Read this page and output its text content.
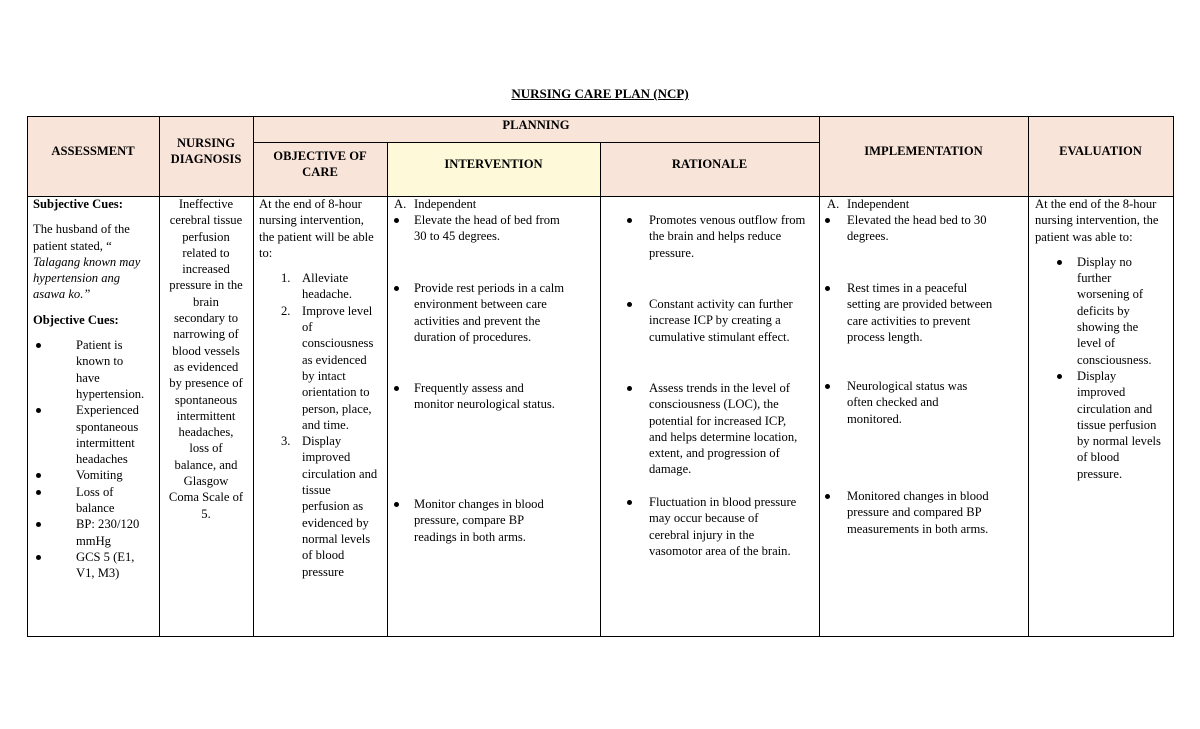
NURSING CARE PLAN (NCP)
ASSESSMENT
NURSING
DIAGNOSIS
PLANNING
OBJECTIVE OF
CARE
INTERVENTION	RATIONALE
IMPLEMENTATION	EVALUATION
Subjective Cues:
The husband of the
patient stated, “
Talagang known may
hypertension ang
asawa ko.”
Objective Cues:
Patient is
known to
have
hypertension.
Experienced
spontaneous
intermittent
headaches
Vomiting
Loss of
balance
BP: 230/120
mmHg
GCS 5 (E1,
V1, M3)
Ineffective
cerebral tissue
perfusion
related to
increased
pressure in the
brain
secondary to
narrowing of
blood vessels
as evidenced
by presence of
spontaneous
intermittent
headaches,
loss of
balance, and
Glasgow
Coma Scale of
5.
At the end of 8-hour
nursing intervention,
the patient will be able
to:
1. Alleviate
headache.
2. Improve level
of
consciousness
as evidenced
by intact
orientation to
person, place,
and time.
3. Display
improved
circulation and
tissue
perfusion as
evidenced by
normal levels
of blood
pressure
A. Independent
Elevate the head of bed from
30 to 45 degrees.
Provide rest periods in a calm
environment between care
activities and prevent the
duration of procedures.
Frequently assess and
monitor neurological status.
Monitor changes in blood
pressure, compare BP
readings in both arms.
Promotes venous outflow from
the brain and helps reduce
pressure.
Constant activity can further
increase ICP by creating a
cumulative stimulant effect.
Assess trends in the level of
consciousness (LOC), the
potential for increased ICP,
and helps determine location,
extent, and progression of
damage.
Fluctuation in blood pressure
may occur because of
cerebral injury in the
vasomotor area of the brain.
A. Independent
Elevated the head bed to 30
degrees.
Rest times in a peaceful
setting are provided between
care activities to prevent
process length.
Neurological status was
often checked and
monitored.
Monitored changes in blood
pressure and compared BP
measurements in both arms.
At the end of the 8-hour
nursing intervention, the
patient was able to:
Display no
further
worsening of
deficits by
showing the
level of
consciousness.
Display
improved
circulation and
tissue perfusion
by normal levels
of blood
pressure.
